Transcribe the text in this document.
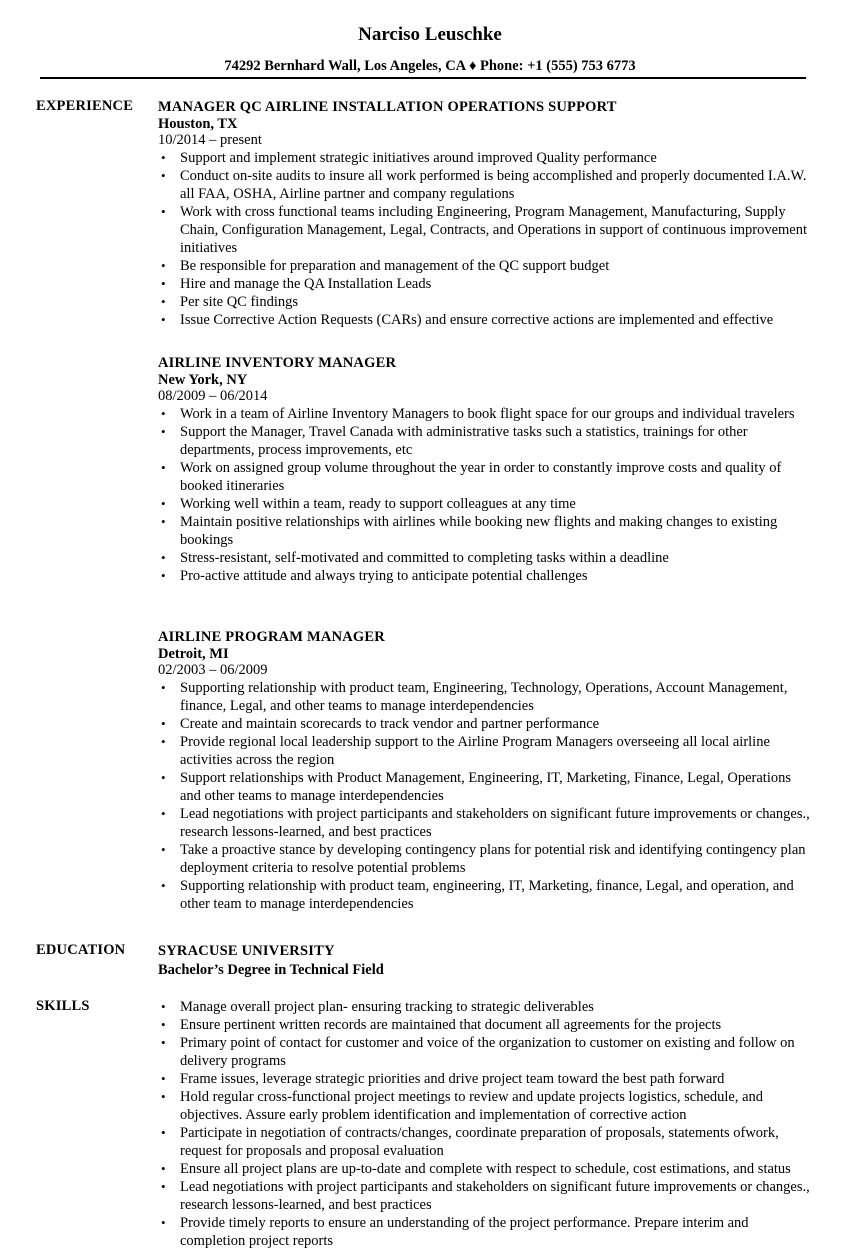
Narciso Leuschke
74292 Bernhard Wall, Los Angeles, CA ♦ Phone: +1 (555) 753 6773
EXPERIENCE MANAGER QC AIRLINE INSTALLATION OPERATIONS SUPPORT
Houston, TX
10/2014 – present
• Support and implement strategic initiatives around improved Quality performance
• Conduct on-site audits to insure all work performed is being accomplished and properly documented I.A.W. all FAA, OSHA, Airline partner and company regulations
• Work with cross functional teams including Engineering, Program Management, Manufacturing, Supply Chain, Configuration Management, Legal, Contracts, and Operations in support of continuous improvement initiatives
• Be responsible for preparation and management of the QC support budget
• Hire and manage the QA Installation Leads
• Per site QC findings
• Issue Corrective Action Requests (CARs) and ensure corrective actions are implemented and effective
AIRLINE INVENTORY MANAGER
New York, NY
08/2009 – 06/2014
• Work in a team of Airline Inventory Managers to book flight space for our groups and individual travelers
• Support the Manager, Travel Canada with administrative tasks such a statistics, trainings for other departments, process improvements, etc
• Work on assigned group volume throughout the year in order to constantly improve costs and quality of booked itineraries
• Working well within a team, ready to support colleagues at any time
• Maintain positive relationships with airlines while booking new flights and making changes to existing bookings
• Stress-resistant, self-motivated and committed to completing tasks within a deadline
• Pro-active attitude and always trying to anticipate potential challenges
AIRLINE PROGRAM MANAGER
Detroit, MI
02/2003 – 06/2009
• Supporting relationship with product team, Engineering, Technology, Operations, Account Management, finance, Legal, and other teams to manage interdependencies
• Create and maintain scorecards to track vendor and partner performance
• Provide regional local leadership support to the Airline Program Managers overseeing all local airline activities across the region
• Support relationships with Product Management, Engineering, IT, Marketing, Finance, Legal, Operations and other teams to manage interdependencies
• Lead negotiations with project participants and stakeholders on significant future improvements or changes., research lessons-learned, and best practices
• Take a proactive stance by developing contingency plans for potential risk and identifying contingency plan deployment criteria to resolve potential problems
• Supporting relationship with product team, engineering, IT, Marketing, finance, Legal, and operation, and other team to manage interdependencies
EDUCATION SYRACUSE UNIVERSITY
Bachelor’s Degree in Technical Field
SKILLS
•	Manage overall project plan- ensuring tracking to strategic deliverables
• Ensure pertinent written records are maintained that document all agreements for the projects
• Primary point of contact for customer and voice of the organization to customer on existing and follow on delivery programs
• Frame issues, leverage strategic priorities and drive project team toward the best path forward
• Hold regular cross-functional project meetings to review and update projects logistics, schedule, and objectives. Assure early problem identification and implementation of corrective action
• Participate in negotiation of contracts/changes, coordinate preparation of proposals, statements ofwork, request for proposals and proposal evaluation
• Ensure all project plans are up-to-date and complete with respect to schedule, cost estimations, and status
• Lead negotiations with project participants and stakeholders on significant future improvements or changes., research lessons-learned, and best practices
• Provide timely reports to ensure an understanding of the project performance. Prepare interim and completion project reports
